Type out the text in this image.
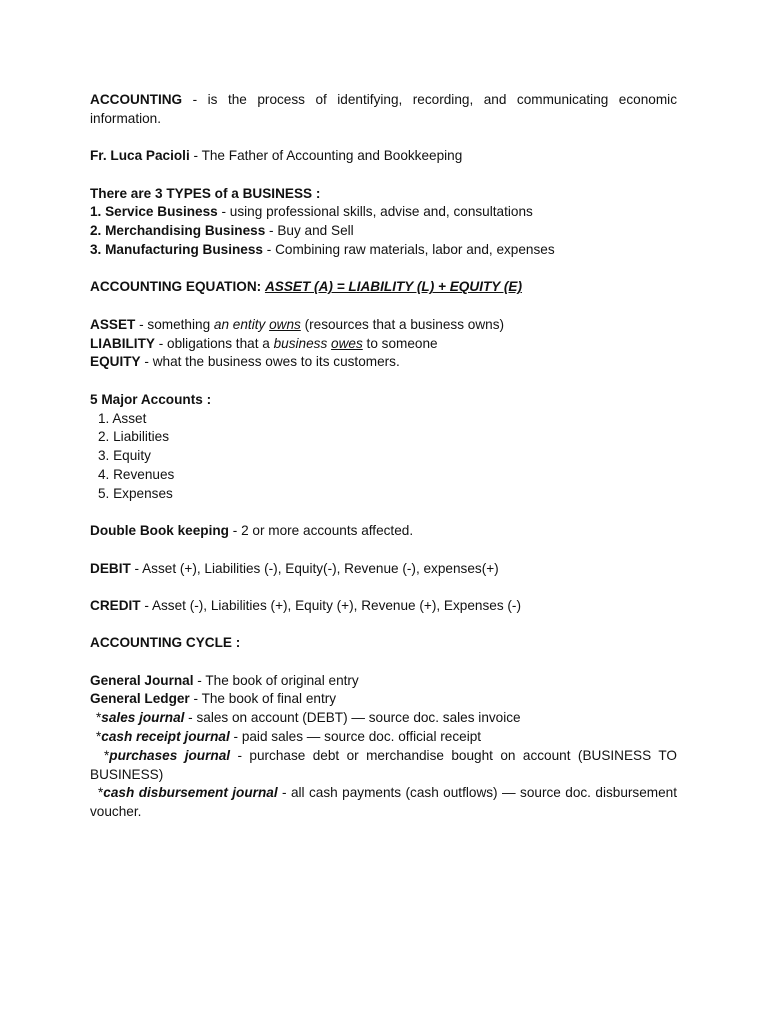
ACCOUNTING - is the process of identifying, recording, and communicating economic information.

Fr. Luca Pacioli - The Father of Accounting and Bookkeeping

There are 3 TYPES of a BUSINESS :

1. Service Business - using professional skills, advise and, consultations

2. Merchandising Business - Buy and Sell

3. Manufacturing Business - Combining raw materials, labor and, expenses

ACCOUNTING EQUATION: ASSET (A) = LIABILITY (L) + EQUITY (E)

ASSET - something an entity owns (resources that a business owns)

LIABILITY - obligations that a business owes to someone

EQUITY - what the business owes to its customers.

5 Major Accounts :

1. Asset
2. Liabilities
3. Equity
4. Revenues
5. Expenses

Double Book keeping - 2 or more accounts affected.

DEBIT - Asset (+), Liabilities (-), Equity(-), Revenue (-), expenses(+)

CREDIT - Asset (-), Liabilities (+), Equity (+), Revenue (+), Expenses (-)

ACCOUNTING CYCLE :

General Journal - The book of original entry

General Ledger - The book of final entry

*sales journal - sales on account (DEBT) — source doc. sales invoice

*cash receipt journal - paid sales — source doc. official receipt

*purchases journal - purchase debt or merchandise bought on account (BUSINESS TO BUSINESS)

*cash disbursement journal - all cash payments (cash outflows) — source doc. disbursement voucher.
